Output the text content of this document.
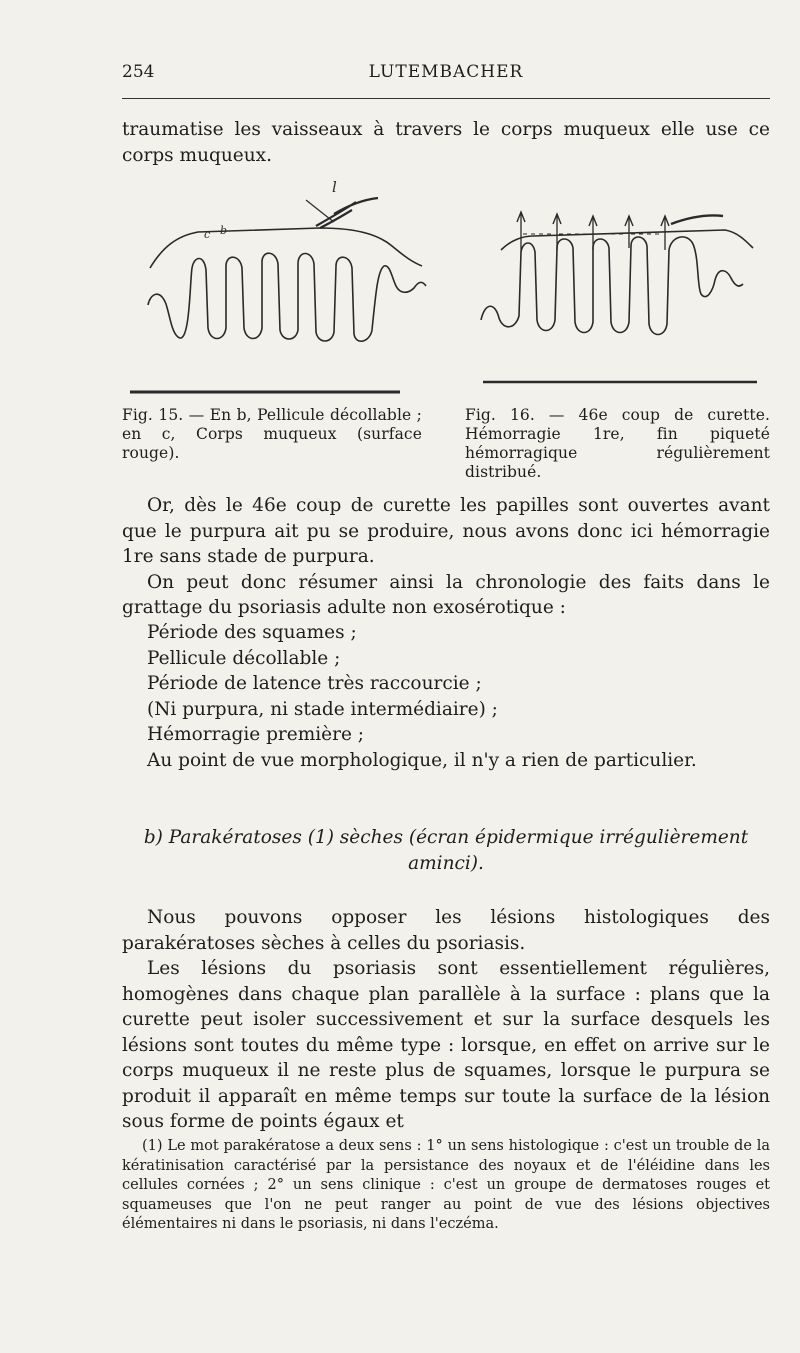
254	LUTEMBACHER

traumatise les vaisseaux à travers le corps muqueux elle use ce corps muqueux.

l
c b

Fig. 15. — En b, Pellicule décollable ; en c, Corps muqueux (surface rouge).

Fig. 16. — 46e coup de curette. Hémorragie 1re, fin piqueté hémorragique régulièrement distribué.

Or, dès le 46e coup de curette les papilles sont ouvertes avant que le purpura ait pu se produire, nous avons donc ici hémorragie 1re sans stade de purpura.

On peut donc résumer ainsi la chronologie des faits dans le grattage du psoriasis adulte non exosérotique :

Période des squames ;
Pellicule décollable ;
Période de latence très raccourcie ;
(Ni purpura, ni stade intermédiaire) ;
Hémorragie première ;
Au point de vue morphologique, il n'y a rien de particulier.
b) Parakératoses (1) sèches (écran épidermique irrégulièrement
aminci).

Nous pouvons opposer les lésions histologiques des parakératoses sèches à celles du psoriasis.

Les lésions du psoriasis sont essentiellement régulières, homogènes dans chaque plan parallèle à la surface : plans que la curette peut isoler successivement et sur la surface desquels les lésions sont toutes du même type : lorsque, en effet on arrive sur le corps muqueux il ne reste plus de squames, lorsque le purpura se produit il apparaît en même temps sur toute la surface de la lésion sous forme de points égaux et

(1) Le mot parakératose a deux sens : 1° un sens histologique : c'est un trouble de la kératinisation caractérisé par la persistance des noyaux et de l'éléidine dans les cellules cornées ; 2° un sens clinique : c'est un groupe de dermatoses rouges et squameuses que l'on ne peut ranger au point de vue des lésions objectives élémentaires ni dans le psoriasis, ni dans l'eczéma.
